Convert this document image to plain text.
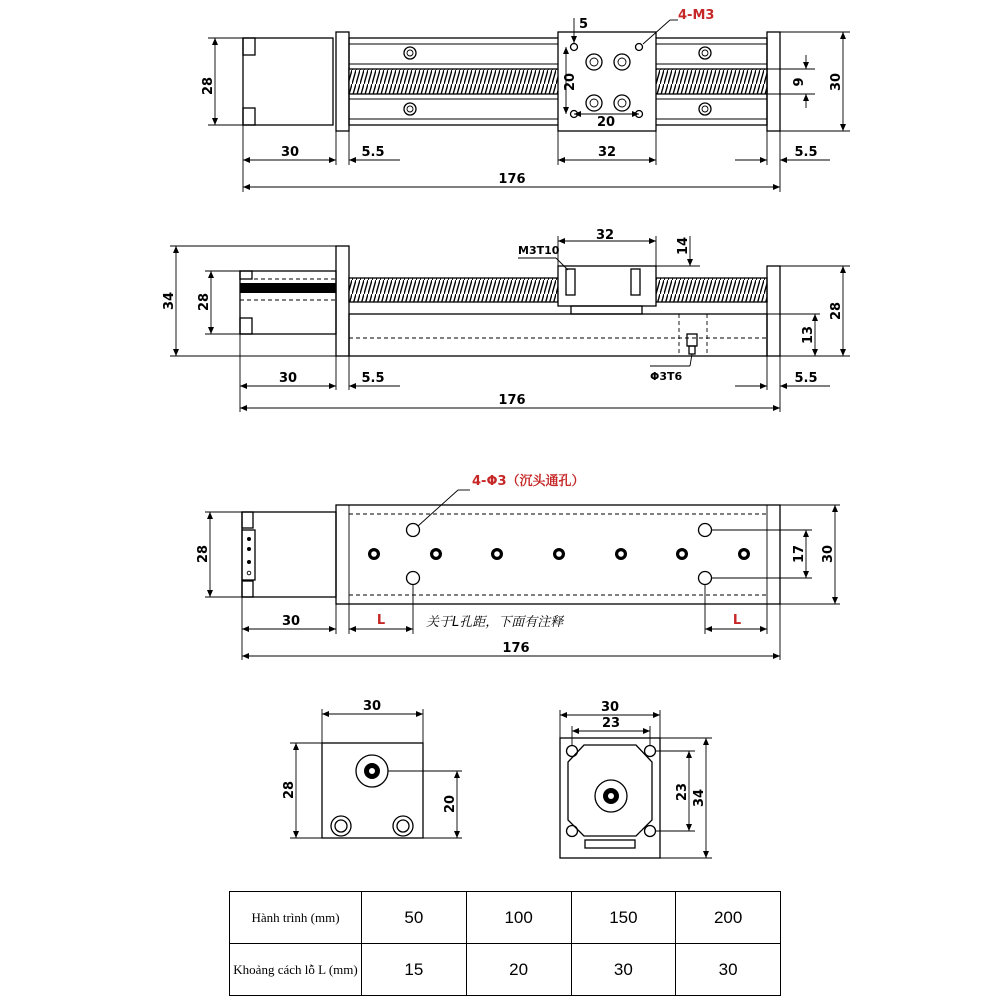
28
30	5.5	32	5.5
176
30
9
5
20
20
4-M3
34 28
32
14
28
13
30	5.5	5.5
176
M3T10
Φ3T6
28	17 30
30	L	L
176
4-Φ3（沉头通孔）
关于L孔距，下面有注释
30
28
20
30
23
23 34
Hành trình (mm)	50	100	150	200
Khoảng cách lỗ L (mm)	15	20	30	30
